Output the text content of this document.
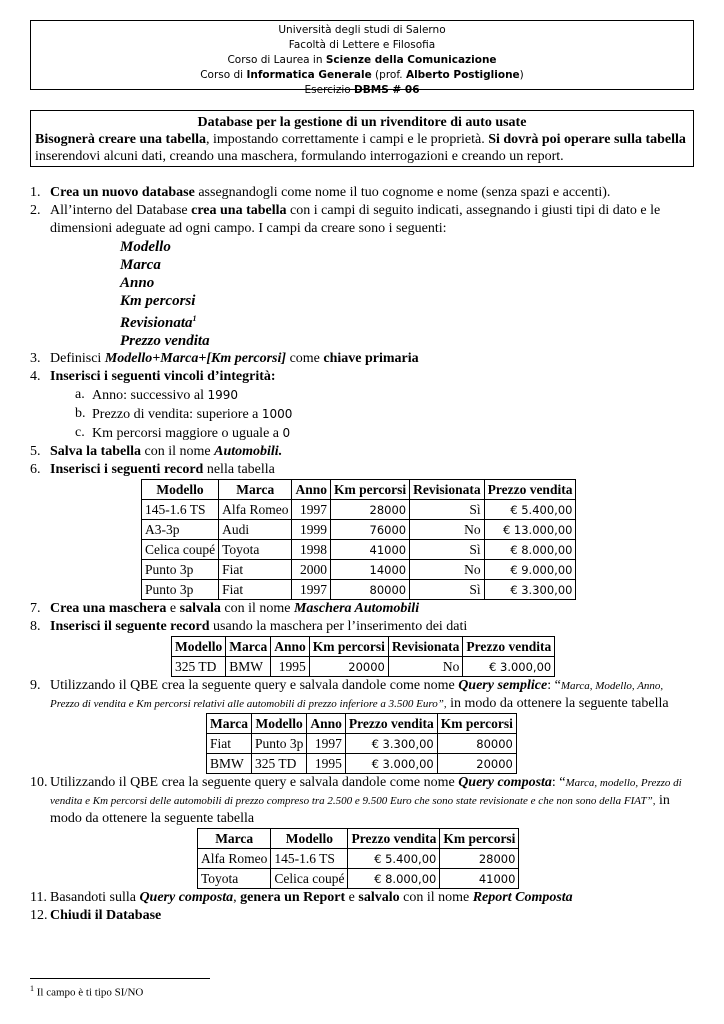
Università degli studi di Salerno
Facoltà di Lettere e Filosofia
Corso di Laurea in Scienze della Comunicazione
Corso di Informatica Generale (prof. Alberto Postiglione)
Esercizio DBMS # 06
Database per la gestione di un rivenditore di auto usate
Bisognerà creare una tabella, impostando correttamente i campi e le proprietà. Si dovrà poi operare sulla tabella inserendovi alcuni dati, creando una maschera, formulando interrogazioni e creando un report.
1. Crea un nuovo database assegnandogli come nome il tuo cognome e nome (senza spazi e accenti).
2. All’interno del Database crea una tabella con i campi di seguito indicati, assegnando i giusti tipi di dato e le dimensioni adeguate ad ogni campo. I campi da creare sono i seguenti:
Modello
Marca
Anno
Km percorsi
Revisionata$^1$
Prezzo vendita
3. Definisci Modello+Marca+[Km percorsi] come chiave primaria
4. Inserisci i seguenti vincoli d’integrità:
a. Anno: successivo al 1990
b. Prezzo di vendita: superiore a 1000
c. Km percorsi maggiore o uguale a 0
5. Salva la tabella con il nome Automobili.
6. Inserisci i seguenti record nella tabella
Modello	Marca	Anno	Km percorsi	Revisionata	Prezzo vendita
145-1.6 TS	Alfa Romeo	1997	28000	Sì	€ 5.400,00
A3-3p	Audi	1999	76000	No	€ 13.000,00
Celica coupé	Toyota	1998	41000	Sì	€ 8.000,00
Punto 3p	Fiat	2000	14000	No	€ 9.000,00
Punto 3p	Fiat	1997	80000	Sì	€ 3.300,00
7. Crea una maschera e salvala con il nome Maschera Automobili
8. Inserisci il seguente record usando la maschera per l’inserimento dei dati
Modello	Marca	Anno	Km percorsi	Revisionata	Prezzo vendita
325 TD	BMW	1995	20000	No	€ 3.000,00
9. Utilizzando il QBE crea la seguente query e salvala dandole come nome Query semplice: “Marca, Modello, Anno, Prezzo di vendita e Km percorsi relativi alle automobili di prezzo inferiore a 3.500 Euro”, in modo da ottenere la seguente tabella
Marca	Modello	Anno	Prezzo vendita	Km percorsi
Fiat	Punto 3p	1997	€ 3.300,00	80000
BMW	325 TD	1995	€ 3.000,00	20000
10. Utilizzando il QBE crea la seguente query e salvala dandole come nome Query composta: “Marca, modello, Prezzo di vendita e Km percorsi delle automobili di prezzo compreso tra 2.500 e 9.500 Euro che sono state revisionate e che non sono della FIAT”, in modo da ottenere la seguente tabella
Marca	Modello	Prezzo vendita	Km percorsi
Alfa Romeo	145-1.6 TS	€ 5.400,00	28000
Toyota	Celica coupé	€ 8.000,00	41000
11. Basandoti sulla Query composta, genera un Report e salvalo con il nome Report Composta
12. Chiudi il Database
$^1$ Il campo è ti tipo SI/NO
